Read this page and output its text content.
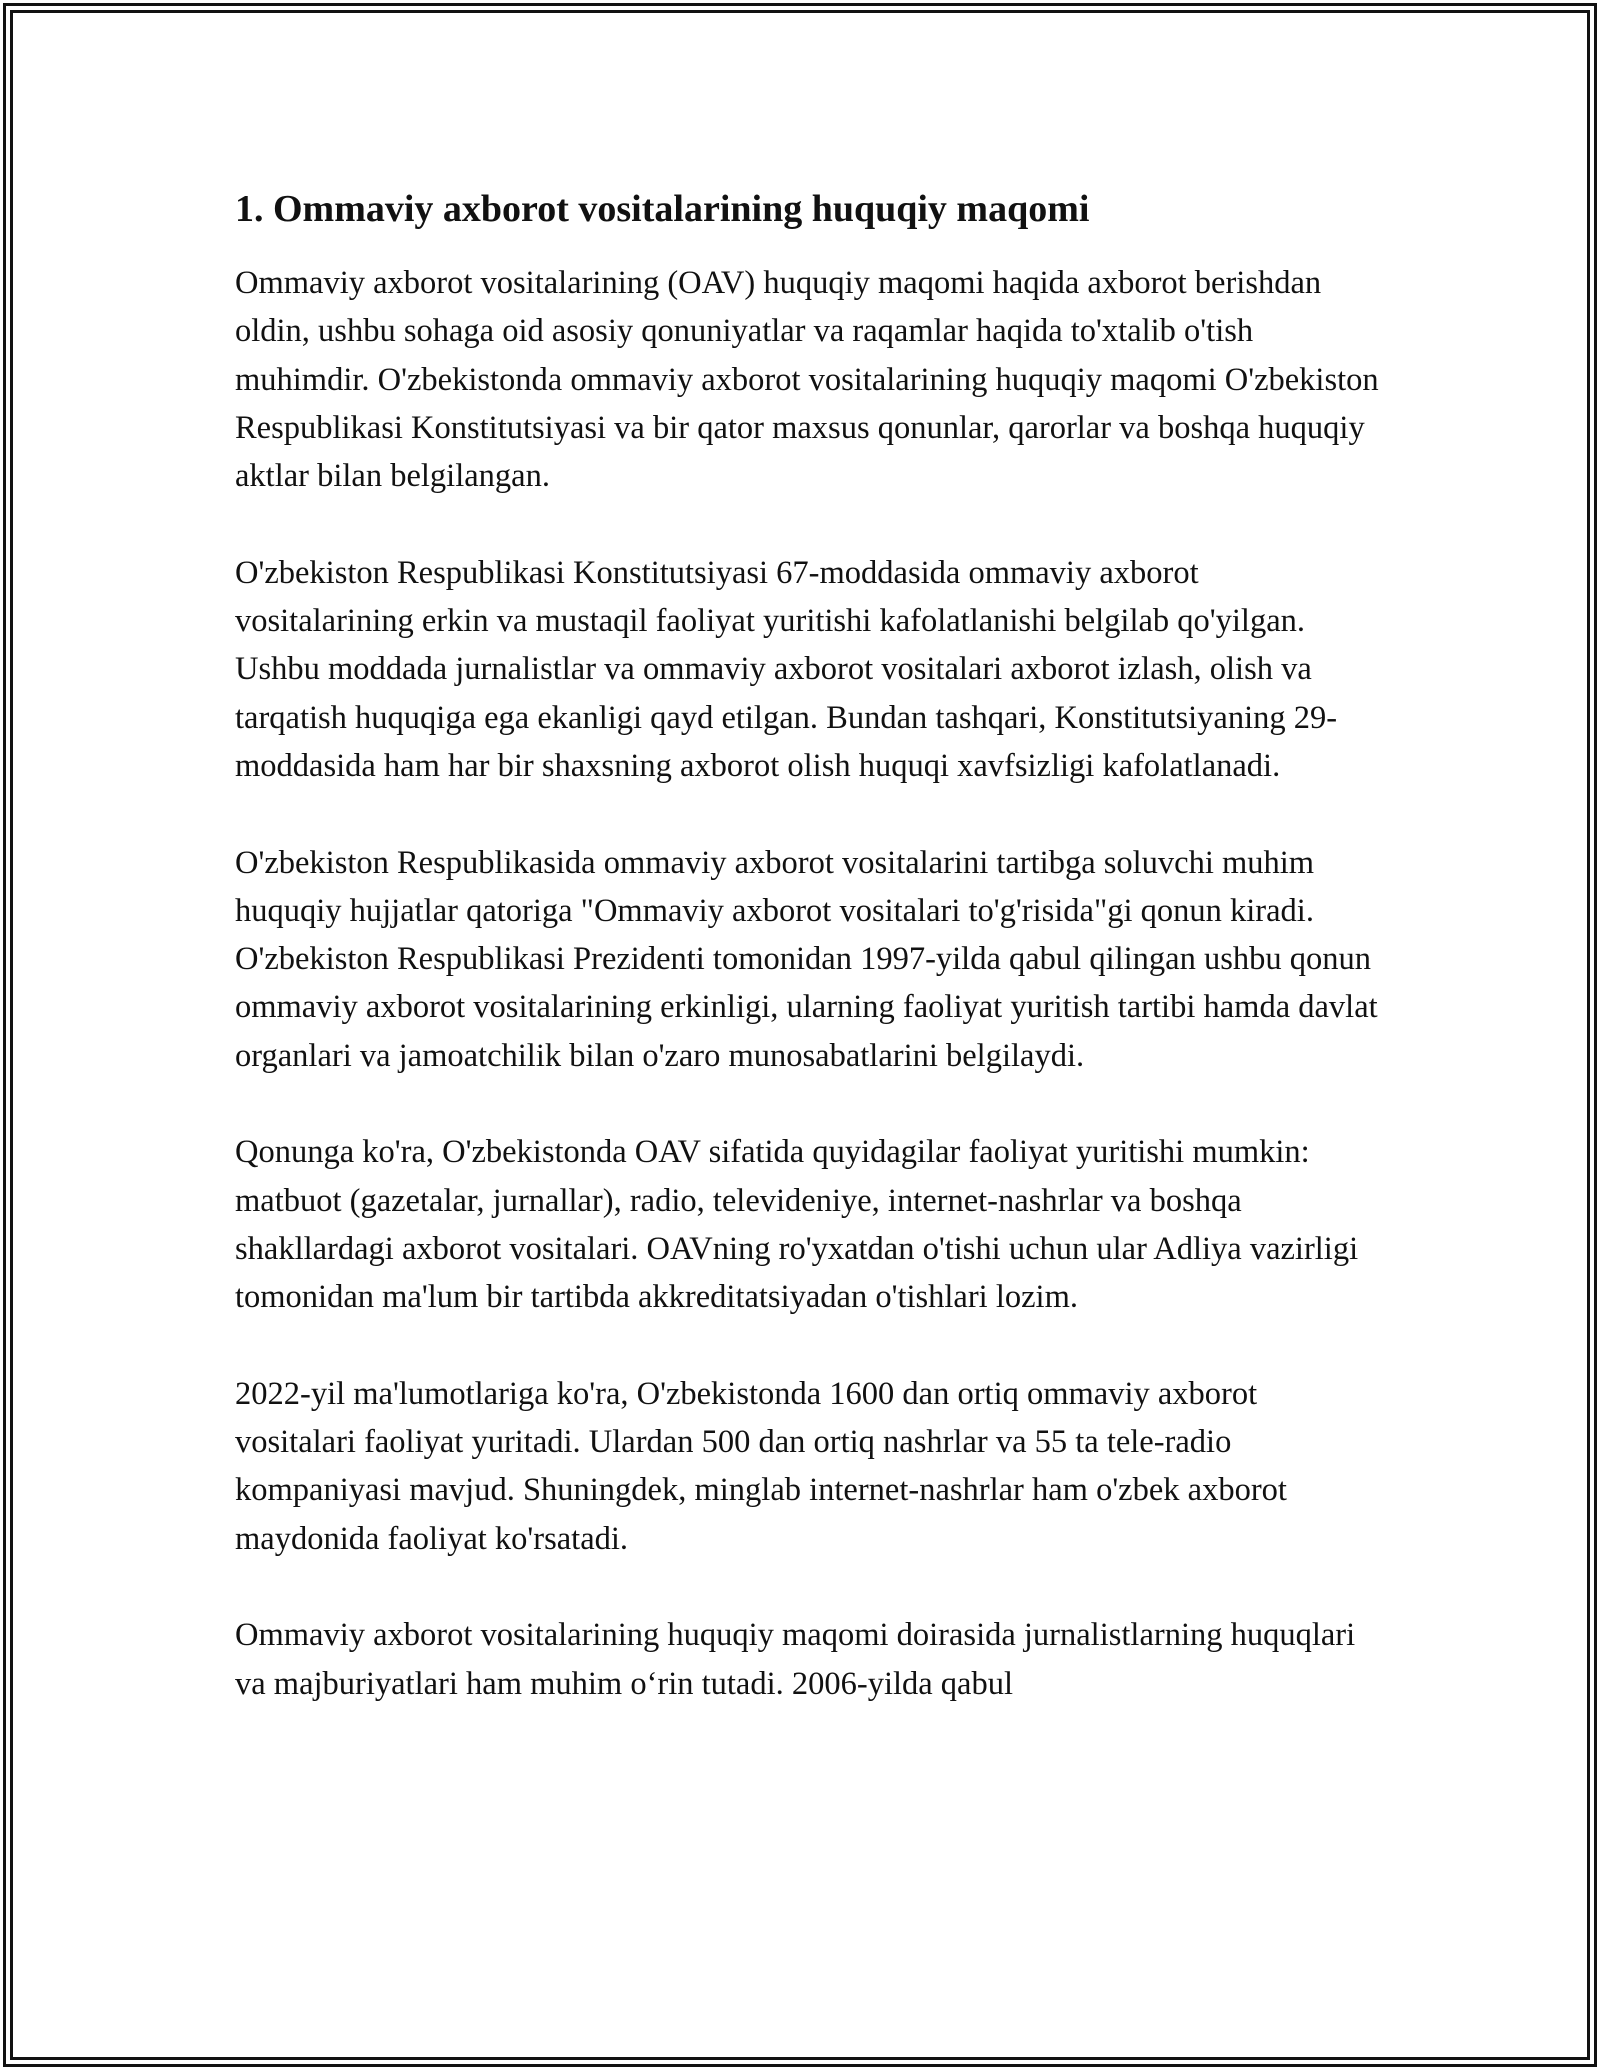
1. Ommaviy axborot vositalarining huquqiy maqomi

Ommaviy axborot vositalarining (OAV) huquqiy maqomi haqida axborot berishdan oldin, ushbu sohaga oid asosiy qonuniyatlar va raqamlar haqida to'xtalib o'tish muhimdir. O'zbekistonda ommaviy axborot vositalarining huquqiy maqomi O'zbekiston Respublikasi Konstitutsiyasi va bir qator maxsus qonunlar, qarorlar va boshqa huquqiy aktlar bilan belgilangan.

O'zbekiston Respublikasi Konstitutsiyasi 67-moddasida ommaviy axborot vositalarining erkin va mustaqil faoliyat yuritishi kafolatlanishi belgilab qo'yilgan. Ushbu moddada jurnalistlar va ommaviy axborot vositalari axborot izlash, olish va tarqatish huquqiga ega ekanligi qayd etilgan. Bundan tashqari, Konstitutsiyaning 29-moddasida ham har bir shaxsning axborot olish huquqi xavfsizligi kafolatlanadi.

O'zbekiston Respublikasida ommaviy axborot vositalarini tartibga soluvchi muhim huquqiy hujjatlar qatoriga "Ommaviy axborot vositalari to'g'risida"gi qonun kiradi. O'zbekiston Respublikasi Prezidenti tomonidan 1997-yilda qabul qilingan ushbu qonun ommaviy axborot vositalarining erkinligi, ularning faoliyat yuritish tartibi hamda davlat organlari va jamoatchilik bilan o'zaro munosabatlarini belgilaydi.

Qonunga ko'ra, O'zbekistonda OAV sifatida quyidagilar faoliyat yuritishi mumkin: matbuot (gazetalar, jurnallar), radio, televideniye, internet-nashrlar va boshqa shakllardagi axborot vositalari. OAVning ro'yxatdan o'tishi uchun ular Adliya vazirligi tomonidan ma'lum bir tartibda akkreditatsiyadan o'tishlari lozim.

2022-yil ma'lumotlariga ko'ra, O'zbekistonda 1600 dan ortiq ommaviy axborot vositalari faoliyat yuritadi. Ulardan 500 dan ortiq nashrlar va 55 ta tele-radio kompaniyasi mavjud. Shuningdek, minglab internet-nashrlar ham o'zbek axborot maydonida faoliyat ko'rsatadi.

Ommaviy axborot vositalarining huquqiy maqomi doirasida jurnalistlarning huquqlari va majburiyatlari ham muhim o‘rin tutadi. 2006-yilda qabul
